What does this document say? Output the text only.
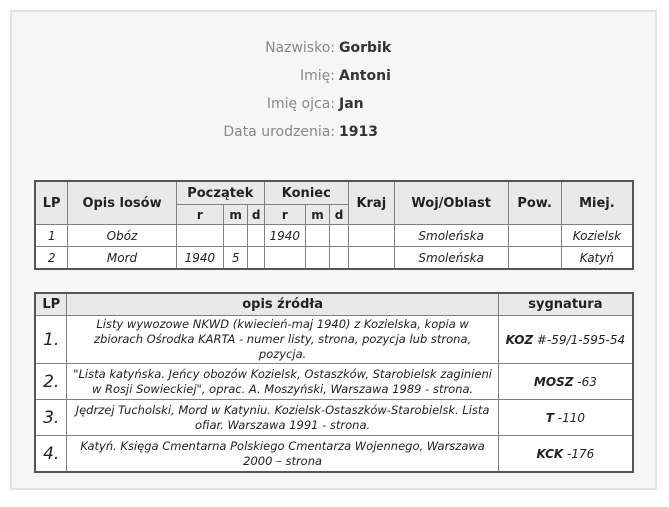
Nazwisko: Gorbik
Imię: Antoni
Imię ojca: Jan
Data urodzenia: 1913
LP	Opis losów	Początek			Koniec			Kraj	Woj/Oblast	Pow.	Miej.
		r	m	d	r	m	d				
1	Obóz				1940				Smoleńska		Kozielsk
2	Mord	1940	5						Smoleńska		Katyń
LP	opis źródła	sygnatura
1.	Listy wywozowe NKWD (kwiecień-maj 1940) z Kozielska, kopia w zbiorach Ośrodka KARTA - numer listy, strona, pozycja lub strona, pozycja.	KOZ #-59/1-595-54
2.	"Lista katyńska. Jeńcy obozów Kozielsk, Ostaszków, Starobielsk zaginieni w Rosji Sowieckiej", oprac. A. Moszyński, Warszawa 1989 - strona.	MOSZ -63
3.	Jędrzej Tucholski, Mord w Katyniu. Kozielsk-Ostaszków-Starobielsk. Lista ofiar. Warszawa 1991 - strona.	T -110
4.	Katyń. Księga Cmentarna Polskiego Cmentarza Wojennego, Warszawa 2000 – strona	KCK -176
